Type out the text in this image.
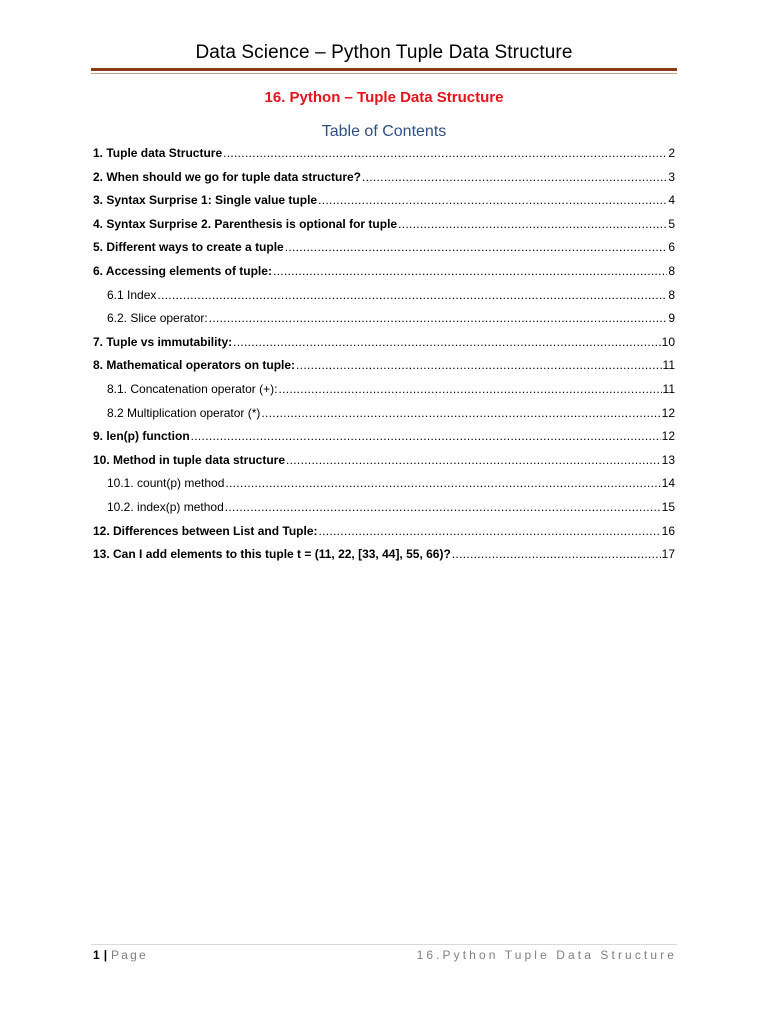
Data Science – Python Tuple Data Structure
16. Python – Tuple Data Structure
Table of Contents
1. Tuple data Structure .....	2
2. When should we go for tuple data structure? .....	3
3. Syntax Surprise 1: Single value tuple .....	4
4. Syntax Surprise 2. Parenthesis is optional for tuple .....	5
5. Different ways to create a tuple .....	6
6. Accessing elements of tuple: .....	8
6.1 Index .....	8
6.2. Slice operator: .....	9
7. Tuple vs immutability: .....	10
8. Mathematical operators on tuple: .....	11
8.1. Concatenation operator (+): .....	11
8.2 Multiplication operator (*) .....	12
9. len(p) function .....	12
10. Method in tuple data structure .....	13
10.1. count(p) method .....	14
10.2. index(p) method .....	15
12. Differences between List and Tuple: .....	16
13. Can I add elements to this tuple t = (11, 22, [33, 44], 55, 66)? .....	17
1 | Page	16.Python Tuple Data Structure
